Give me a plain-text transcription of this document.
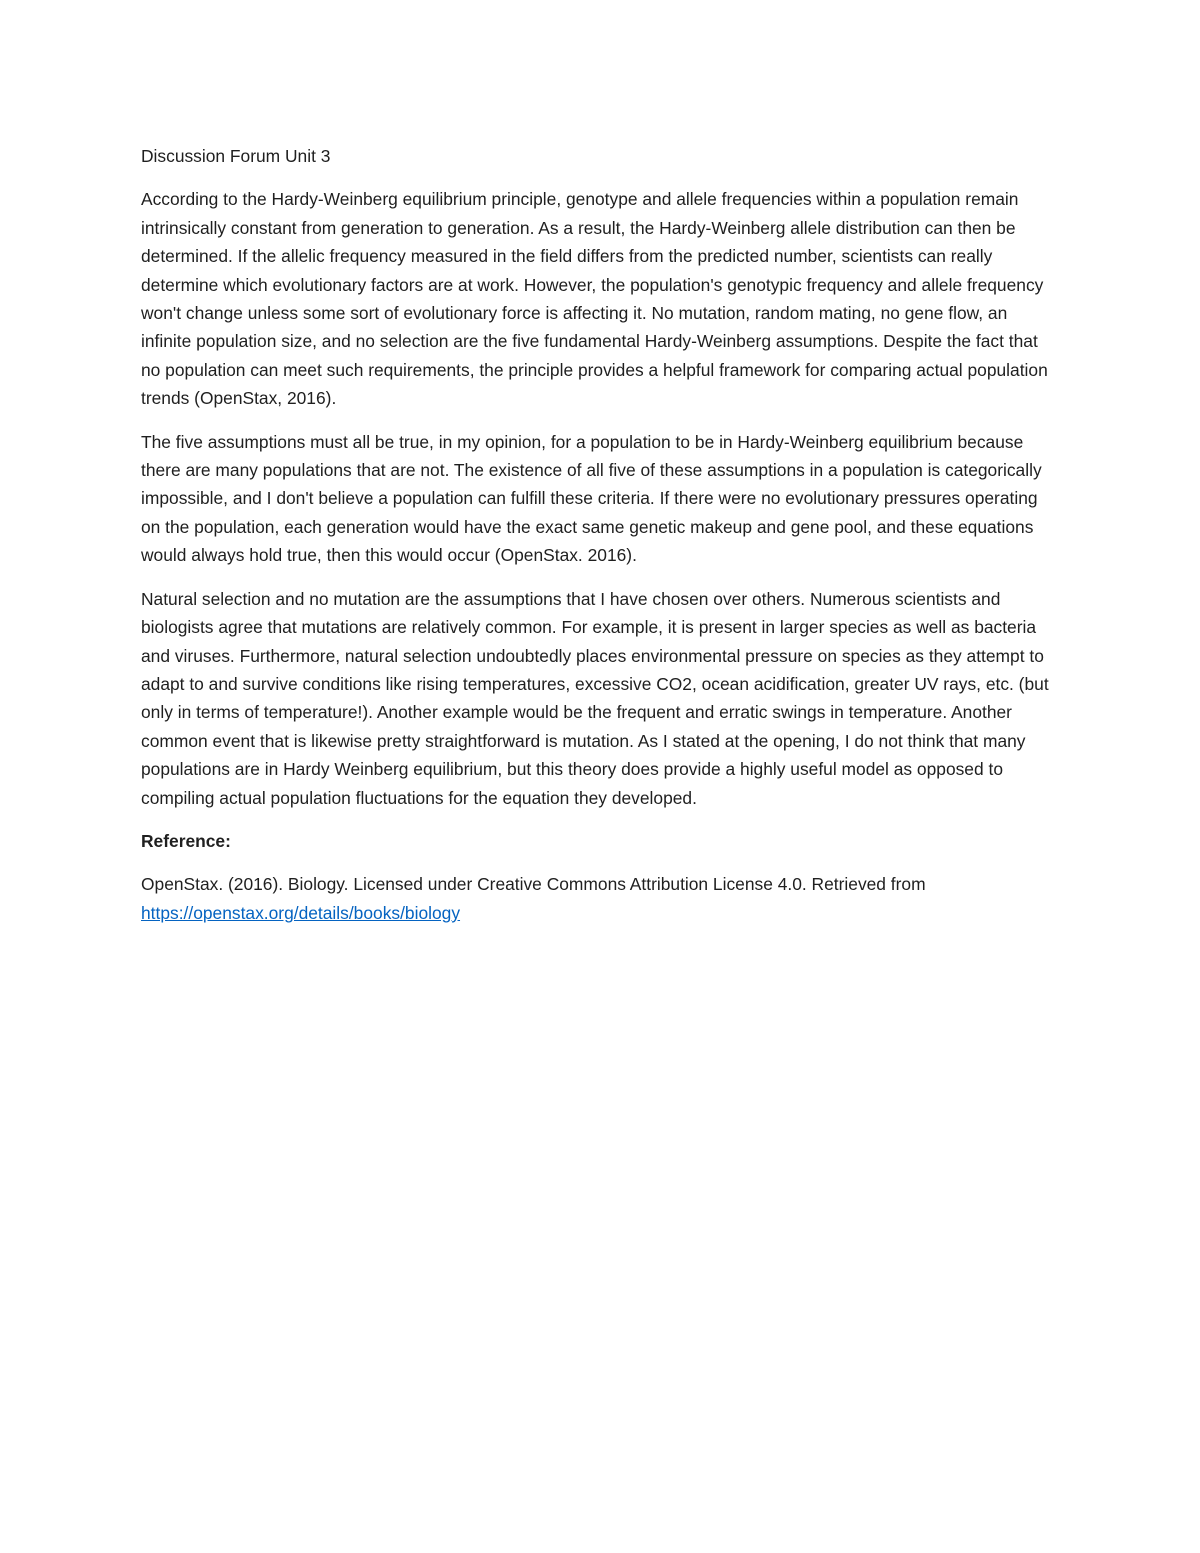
Discussion Forum Unit 3

According to the Hardy-Weinberg equilibrium principle, genotype and allele frequencies within a population remain intrinsically constant from generation to generation. As a result, the Hardy-Weinberg allele distribution can then be determined. If the allelic frequency measured in the field differs from the predicted number, scientists can really determine which evolutionary factors are at work. However, the population's genotypic frequency and allele frequency won't change unless some sort of evolutionary force is affecting it. No mutation, random mating, no gene flow, an infinite population size, and no selection are the five fundamental Hardy-Weinberg assumptions. Despite the fact that no population can meet such requirements, the principle provides a helpful framework for comparing actual population trends (OpenStax, 2016).

The five assumptions must all be true, in my opinion, for a population to be in Hardy-Weinberg equilibrium because there are many populations that are not. The existence of all five of these assumptions in a population is categorically impossible, and I don't believe a population can fulfill these criteria. If there were no evolutionary pressures operating on the population, each generation would have the exact same genetic makeup and gene pool, and these equations would always hold true, then this would occur (OpenStax. 2016).

Natural selection and no mutation are the assumptions that I have chosen over others. Numerous scientists and biologists agree that mutations are relatively common. For example, it is present in larger species as well as bacteria and viruses. Furthermore, natural selection undoubtedly places environmental pressure on species as they attempt to adapt to and survive conditions like rising temperatures, excessive CO2, ocean acidification, greater UV rays, etc. (but only in terms of temperature!). Another example would be the frequent and erratic swings in temperature. Another common event that is likewise pretty straightforward is mutation. As I stated at the opening, I do not think that many populations are in Hardy Weinberg equilibrium, but this theory does provide a highly useful model as opposed to compiling actual population fluctuations for the equation they developed.

Reference:

OpenStax. (2016). Biology. Licensed under Creative Commons Attribution License 4.0. Retrieved from https://openstax.org/details/books/biology
